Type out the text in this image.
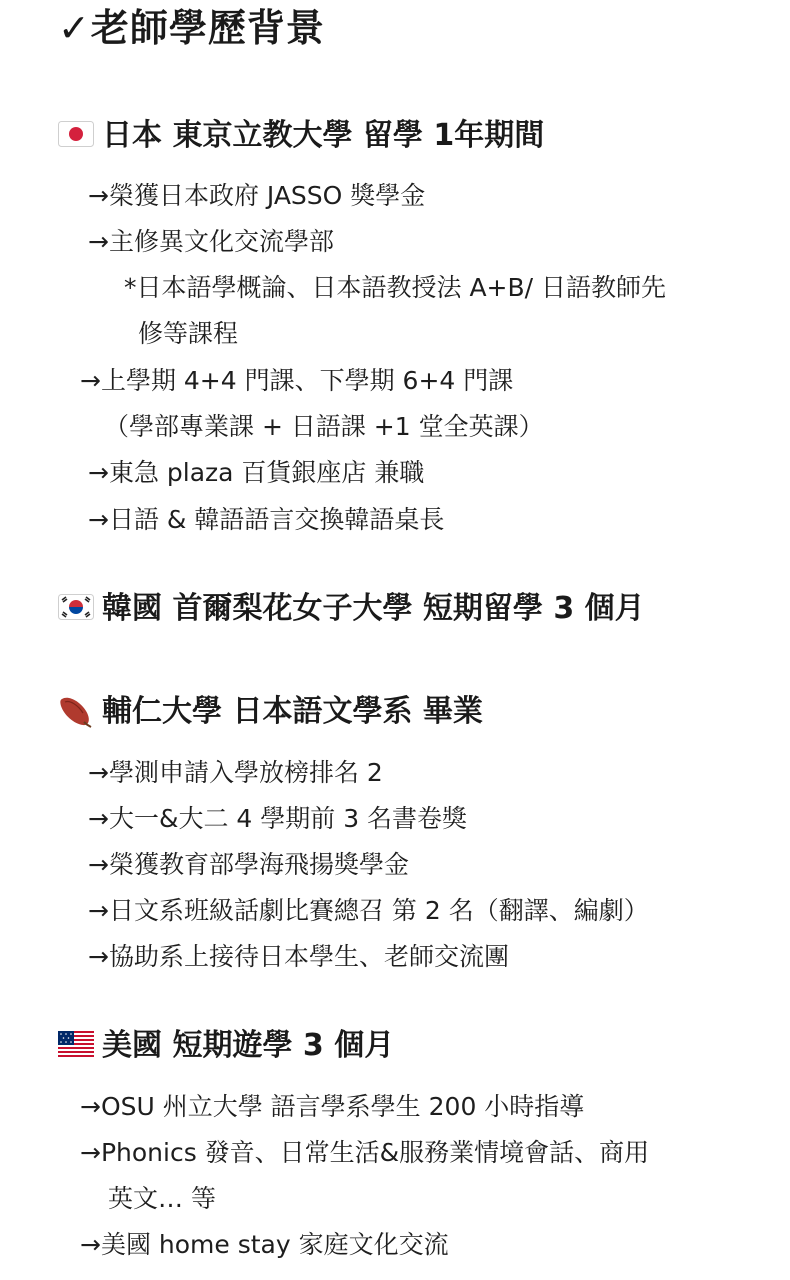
✓老師學歷背景
日本 東京立教大學 留學 1年期間
→榮獲日本政府 JASSO 獎學金
→主修異文化交流學部
*日本語學概論、日本語教授法 A+B/ 日語教師先
修等課程
→上學期 4+4 門課、下學期 6+4 門課
（學部專業課 + 日語課 +1 堂全英課）
→東急 plaza 百貨銀座店 兼職
→日語 & 韓語語言交換韓語桌長
韓國 首爾梨花女子大學 短期留學 3 個月
輔仁大學 日本語文學系 畢業
→學測申請入學放榜排名 2
→大一&大二 4 學期前 3 名書卷獎
→榮獲教育部學海飛揚獎學金
→日文系班級話劇比賽總召 第 2 名（翻譯、編劇）
→協助系上接待日本學生、老師交流團
美國 短期遊學 3 個月
→OSU 州立大學 語言學系學生 200 小時指導
→Phonics 發音、日常生活&服務業情境會話、商用
英文… 等
→美國 home stay 家庭文化交流
